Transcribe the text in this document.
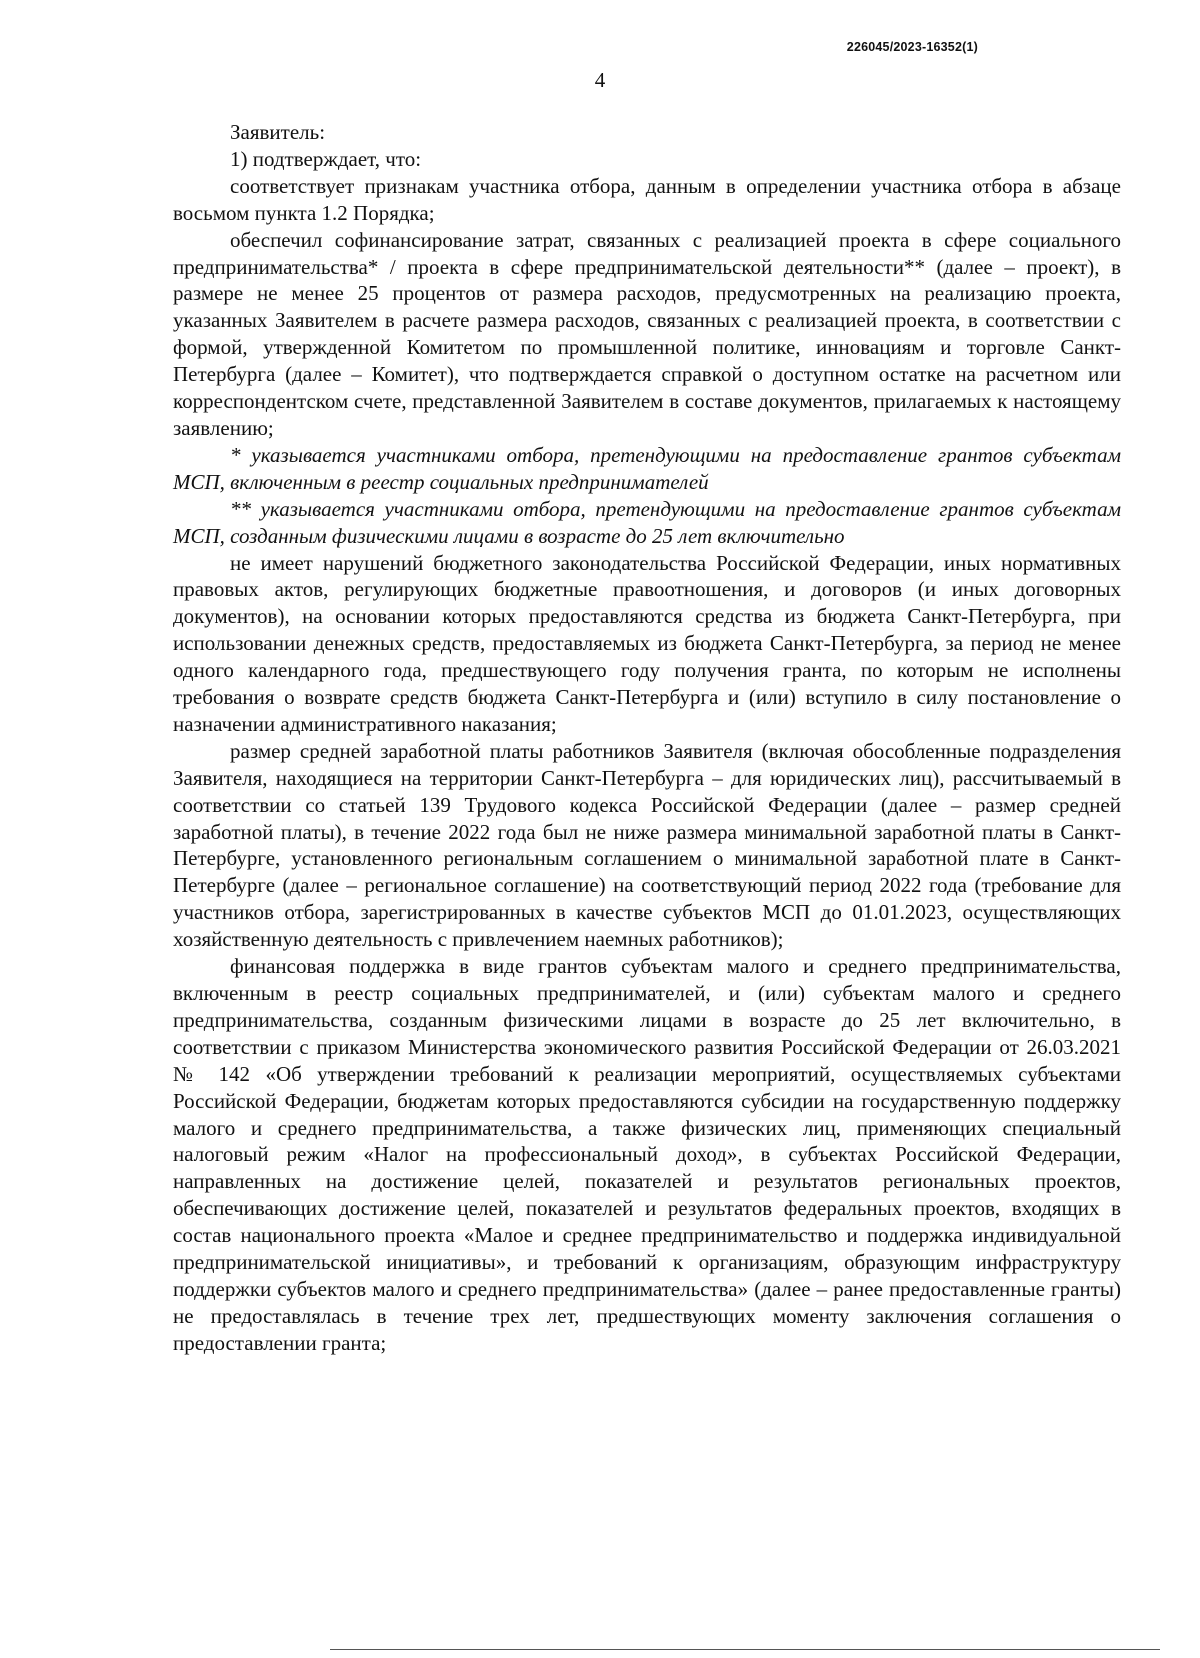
226045/2023-16352(1)
4

Заявитель:

1) подтверждает, что:

соответствует признакам участника отбора, данным в определении участника отбора в абзаце восьмом пункта 1.2 Порядка;

обеспечил софинансирование затрат, связанных с реализацией проекта в сфере социального предпринимательства* / проекта в сфере предпринимательской деятельности** (далее – проект), в размере не менее 25 процентов от размера расходов, предусмотренных на реализацию проекта, указанных Заявителем в расчете размера расходов, связанных с реализацией проекта, в соответствии с формой, утвержденной Комитетом по промышленной политике, инновациям и торговле Санкт-Петербурга (далее – Комитет), что подтверждается справкой о доступном остатке на расчетном или корреспондентском счете, представленной Заявителем в составе документов, прилагаемых к настоящему заявлению;

* указывается участниками отбора, претендующими на предоставление грантов субъектам МСП, включенным в реестр социальных предпринимателей

** указывается участниками отбора, претендующими на предоставление грантов субъектам МСП, созданным физическими лицами в возрасте до 25 лет включительно

не имеет нарушений бюджетного законодательства Российской Федерации, иных нормативных правовых актов, регулирующих бюджетные правоотношения, и договоров (и иных договорных документов), на основании которых предоставляются средства из бюджета Санкт-Петербурга, при использовании денежных средств, предоставляемых из бюджета Санкт-Петербурга, за период не менее одного календарного года, предшествующего году получения гранта, по которым не исполнены требования о возврате средств бюджета Санкт-Петербурга и (или) вступило в силу постановление о назначении административного наказания;

размер средней заработной платы работников Заявителя (включая обособленные подразделения Заявителя, находящиеся на территории Санкт-Петербурга – для юридических лиц), рассчитываемый в соответствии со статьей 139 Трудового кодекса Российской Федерации (далее – размер средней заработной платы), в течение 2022 года был не ниже размера минимальной заработной платы в Санкт-Петербурге, установленного региональным соглашением о минимальной заработной плате в Санкт-Петербурге (далее – региональное соглашение) на соответствующий период 2022 года (требование для участников отбора, зарегистрированных в качестве субъектов МСП до 01.01.2023, осуществляющих хозяйственную деятельность с привлечением наемных работников);

финансовая поддержка в виде грантов субъектам малого и среднего предпринимательства, включенным в реестр социальных предпринимателей, и (или) субъектам малого и среднего предпринимательства, созданным физическими лицами в возрасте до 25 лет включительно, в соответствии с приказом Министерства экономического развития Российской Федерации от 26.03.2021 № 142 «Об утверждении требований к реализации мероприятий, осуществляемых субъектами Российской Федерации, бюджетам которых предоставляются субсидии на государственную поддержку малого и среднего предпринимательства, а также физических лиц, применяющих специальный налоговый режим «Налог на профессиональный доход», в субъектах Российской Федерации, направленных на достижение целей, показателей и результатов региональных проектов, обеспечивающих достижение целей, показателей и результатов федеральных проектов, входящих в состав национального проекта «Малое и среднее предпринимательство и поддержка индивидуальной предпринимательской инициативы», и требований к организациям, образующим инфраструктуру поддержки субъектов малого и среднего предпринимательства» (далее – ранее предоставленные гранты) не предоставлялась в течение трех лет, предшествующих моменту заключения соглашения о предоставлении гранта;
